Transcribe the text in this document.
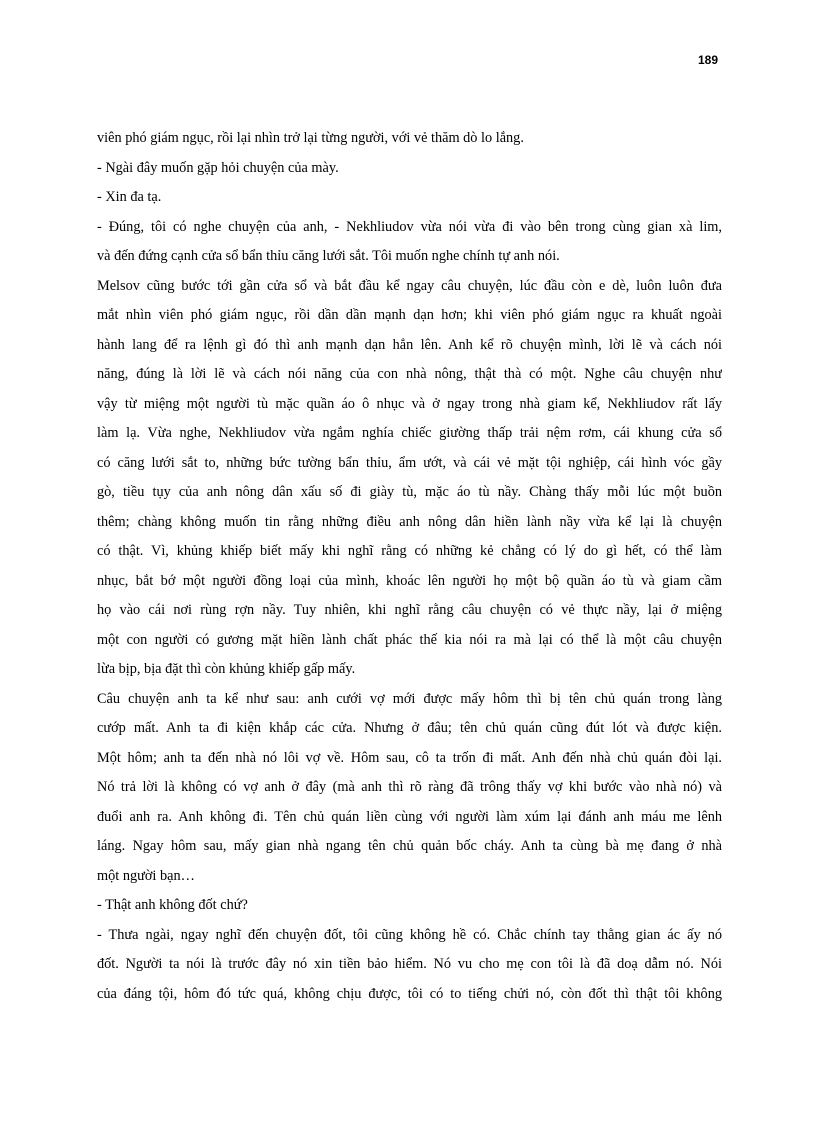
189
viên phó giám ngục, rồi lại nhìn trở lại từng người, với vẻ thăm dò lo lắng.
- Ngài đây muốn gặp hỏi chuyện của mày.
- Xin đa tạ.
- Đúng, tôi có nghe chuyện của anh, - Nekhliudov vừa nói vừa đi vào bên trong cùng gian xà lim,
và đến đứng cạnh cửa sổ bẩn thỉu căng lưới sắt. Tôi muốn nghe chính tự anh nói.
Melsov cũng bước tới gần cửa sổ và bắt đầu kể ngay câu chuyện, lúc đầu còn e dè, luôn luôn đưa
mắt nhìn viên phó giám ngục, rồi dần dần mạnh dạn hơn; khi viên phó giám ngục ra khuất ngoài
hành lang để ra lệnh gì đó thì anh mạnh dạn hẳn lên. Anh kể rõ chuyện mình, lời lẽ và cách nói
năng, đúng là lời lẽ và cách nói năng của con nhà nông, thật thà có một. Nghe câu chuyện như
vậy từ miệng một người tù mặc quần áo ô nhục và ở ngay trong nhà giam kể, Nekhliudov rất lấy
làm lạ. Vừa nghe, Nekhliudov vừa ngắm nghía chiếc giường thấp trải nệm rơm, cái khung cửa sổ
có căng lưới sắt to, những bức tường bẩn thỉu, ẩm ướt, và cái vẻ mặt tội nghiệp, cái hình vóc gầy
gò, tiều tụy của anh nông dân xấu số đi giày tù, mặc áo tù nầy. Chàng thấy mỗi lúc một buồn
thêm; chàng không muốn tin rằng những điều anh nông dân hiền lành nầy vừa kể lại là chuyện
có thật. Vì, khủng khiếp biết mấy khi nghĩ rằng có những kẻ chẳng có lý do gì hết, có thể làm
nhục, bắt bớ một người đồng loại của mình, khoác lên người họ một bộ quần áo tù và giam cầm
họ vào cái nơi rùng rợn nầy. Tuy nhiên, khi nghĩ rằng câu chuyện có vẻ thực nầy, lại ở miệng
một con người có gương mặt hiền lành chất phác thế kia nói ra mà lại có thể là một câu chuyện
lừa bịp, bịa đặt thì còn khủng khiếp gấp mấy.
Câu chuyện anh ta kể như sau: anh cưới vợ mới được mấy hôm thì bị tên chủ quán trong làng
cướp mất. Anh ta đi kiện khắp các cửa. Nhưng ở đâu; tên chủ quán cũng đút lót và được kiện.
Một hôm; anh ta đến nhà nó lôi vợ về. Hôm sau, cô ta trốn đi mất. Anh đến nhà chủ quán đòi lại.
Nó trả lời là không có vợ anh ở đây (mà anh thì rõ ràng đã trông thấy vợ khi bước vào nhà nó) và
đuổi anh ra. Anh không đi. Tên chủ quán liền cùng với người làm xúm lại đánh anh máu me lênh
láng. Ngay hôm sau, mấy gian nhà ngang tên chủ quản bốc cháy. Anh ta cùng bà mẹ đang ở nhà
một người bạn…
- Thật anh không đốt chứ?
- Thưa ngài, ngay nghĩ đến chuyện đốt, tôi cũng không hề có. Chắc chính tay thằng gian ác ấy nó
đốt. Người ta nói là trước đây nó xin tiền bảo hiểm. Nó vu cho mẹ con tôi là đã doạ dẫm nó. Nói
của đáng tội, hôm đó tức quá, không chịu được, tôi có to tiếng chửi nó, còn đốt thì thật tôi không
